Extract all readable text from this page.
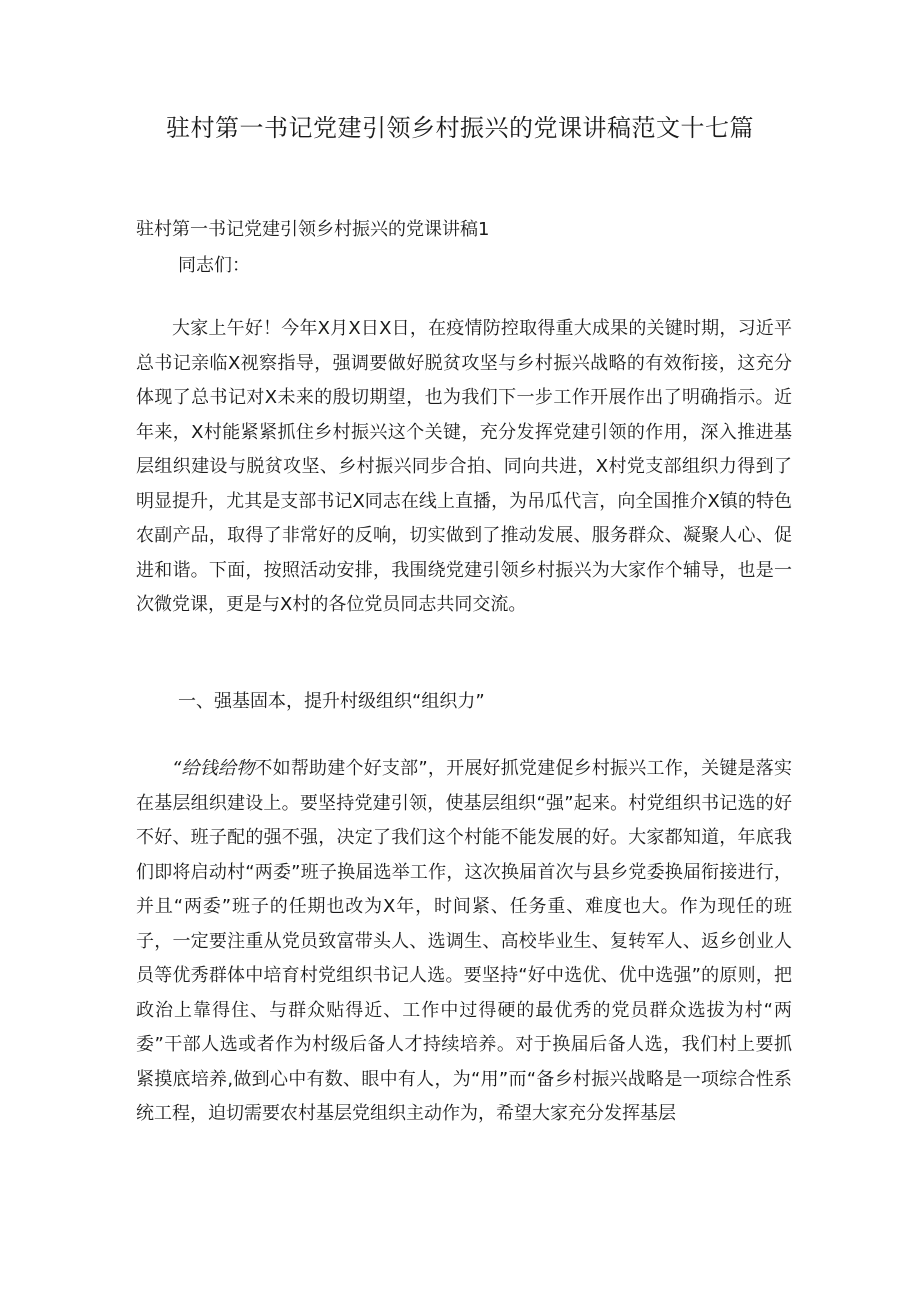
驻村第一书记党建引领乡村振兴的党课讲稿范文十七篇
驻村第一书记党建引领乡村振兴的党课讲稿1
同志们：
大家上午好！今年X月X日X日，在疫情防控取得重大成果的关键时期，习近平总书记亲临X视察指导，强调要做好脱贫攻坚与乡村振兴战略的有效衔接，这充分体现了总书记对X未来的殷切期望，也为我们下一步工作开展作出了明确指示。近年来，X村能紧紧抓住乡村振兴这个关键，充分发挥党建引领的作用，深入推进基层组织建设与脱贫攻坚、乡村振兴同步合拍、同向共进，X村党支部组织力得到了明显提升，尤其是支部书记X同志在线上直播，为吊瓜代言，向全国推介X镇的特色农副产品，取得了非常好的反响，切实做到了推动发展、服务群众、凝聚人心、促进和谐。下面，按照活动安排，我围绕党建引领乡村振兴为大家作个辅导，也是一次微党课，更是与X村的各位党员同志共同交流。
一、强基固本，提升村级组织“组织力”
“给钱给物不如帮助建个好支部”，开展好抓党建促乡村振兴工作，关键是落实在基层组织建设上。要坚持党建引领，使基层组织“强”起来。村党组织书记选的好不好、班子配的强不强，决定了我们这个村能不能发展的好。大家都知道，年底我们即将启动村“两委”班子换届选举工作，这次换届首次与县乡党委换届衔接进行，并且“两委”班子的任期也改为X年，时间紧、任务重、难度也大。作为现任的班子，一定要注重从党员致富带头人、选调生、高校毕业生、复转军人、返乡创业人员等优秀群体中培育村党组织书记人选。要坚持“好中选优、优中选强”的原则，把政治上靠得住、与群众贴得近、工作中过得硬的最优秀的党员群众选拔为村“两委”干部人选或者作为村级后备人才持续培养。对于换届后备人选，我们村上要抓紧摸底培养,做到心中有数、眼中有人，为“用”而“备乡村振兴战略是一项综合性系统工程，迫切需要农村基层党组织主动作为，希望大家充分发挥基层
